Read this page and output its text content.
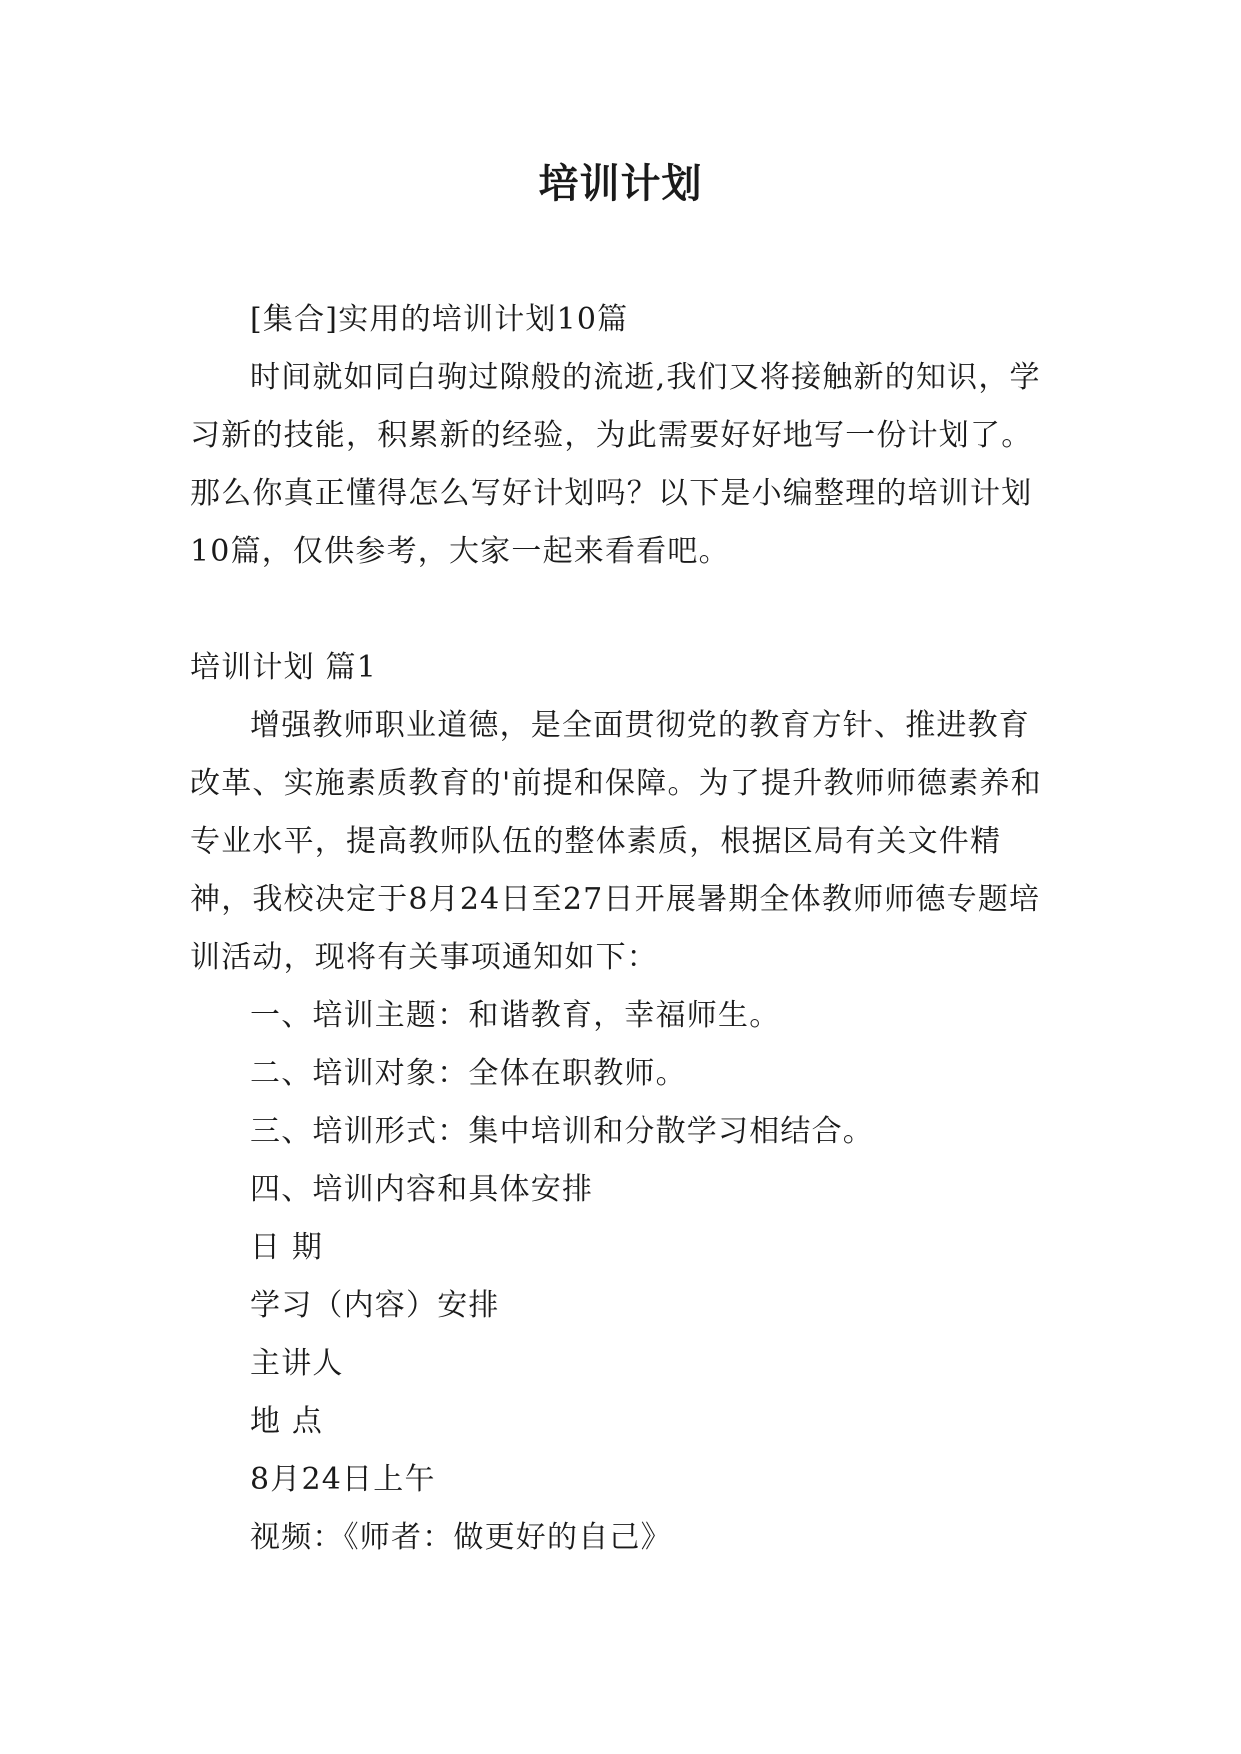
培训计划

[集合]实用的培训计划10篇

时间就如同白驹过隙般的流逝,我们又将接触新的知识，学习新的技能，积累新的经验，为此需要好好地写一份计划了。那么你真正懂得怎么写好计划吗？以下是小编整理的培训计划10篇，仅供参考，大家一起来看看吧。

培训计划 篇1

增强教师职业道德，是全面贯彻党的教育方针、推进教育改革、实施素质教育的'前提和保障。为了提升教师师德素养和专业水平，提高教师队伍的整体素质，根据区局有关文件精神，我校决定于8月24日至27日开展暑期全体教师师德专题培训活动，现将有关事项通知如下：

一、培训主题：和谐教育，幸福师生。

二、培训对象：全体在职教师。

三、培训形式：集中培训和分散学习相结合。

四、培训内容和具体安排

日 期

学习（内容）安排

主讲人

地 点

8月24日上午

视频：《师者：做更好的自己》
